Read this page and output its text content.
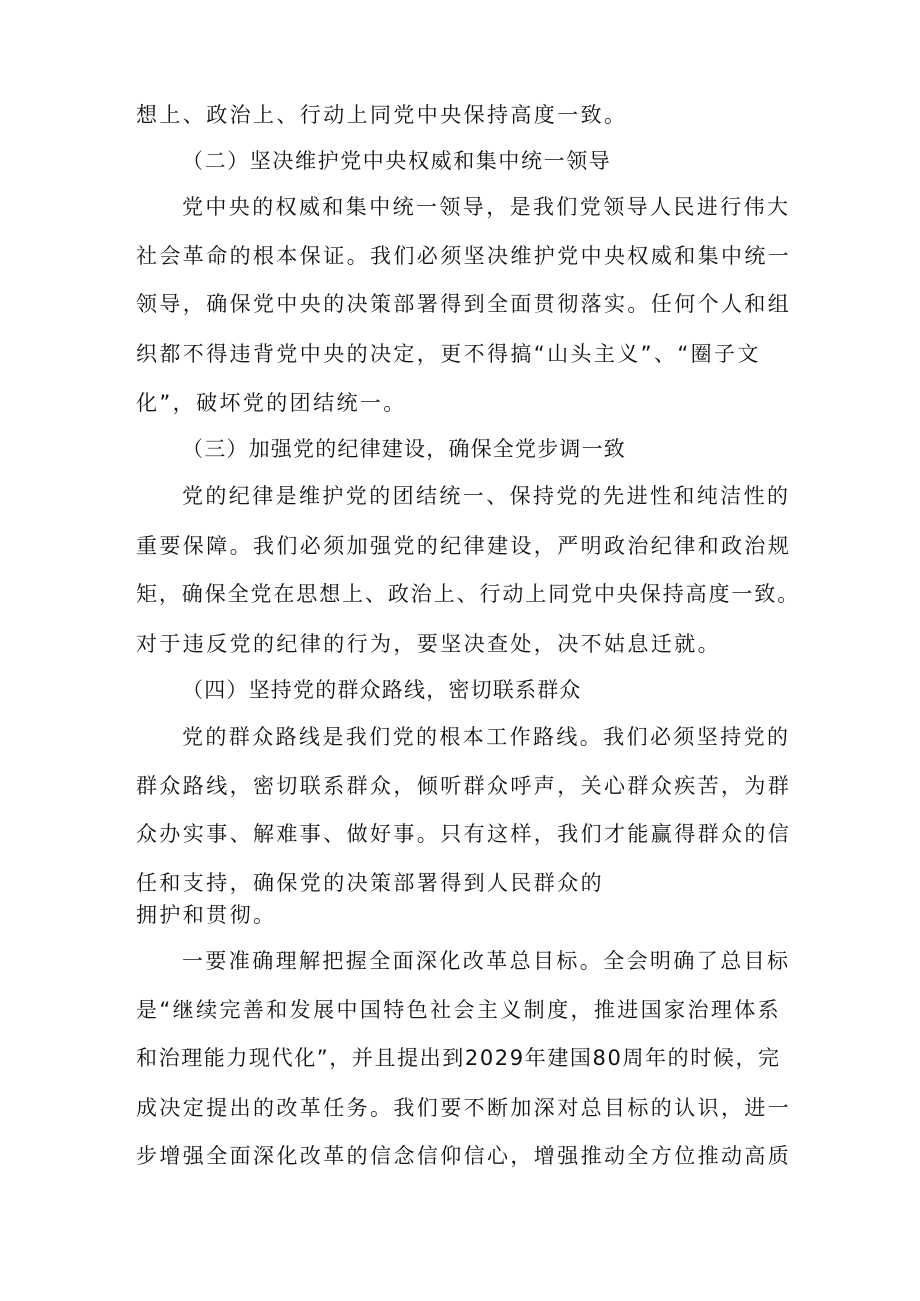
想上、政治上、行动上同党中央保持高度一致。
（二）坚决维护党中央权威和集中统一领导
党中央的权威和集中统一领导，是我们党领导人民进行伟大
社会革命的根本保证。我们必须坚决维护党中央权威和集中统一
领导，确保党中央的决策部署得到全面贯彻落实。任何个人和组
织都不得违背党中央的决定，更不得搞“山头主义”、“圈子文
化”，破坏党的团结统一。
（三）加强党的纪律建设，确保全党步调一致
党的纪律是维护党的团结统一、保持党的先进性和纯洁性的
重要保障。我们必须加强党的纪律建设，严明政治纪律和政治规
矩，确保全党在思想上、政治上、行动上同党中央保持高度一致。
对于违反党的纪律的行为，要坚决查处，决不姑息迁就。
（四）坚持党的群众路线，密切联系群众
党的群众路线是我们党的根本工作路线。我们必须坚持党的
群众路线，密切联系群众，倾听群众呼声，关心群众疾苦，为群
众办实事、解难事、做好事。只有这样，我们才能赢得群众的信
任和支持，确保党的决策部署得到人民群众的
拥护和贯彻。
一要准确理解把握全面深化改革总目标。全会明确了总目标
是“继续完善和发展中国特色社会主义制度，推进国家治理体系
和治理能力现代化”，并且提出到2029年建国80周年的时候，完
成决定提出的改革任务。我们要不断加深对总目标的认识，进一
步增强全面深化改革的信念信仰信心，增强推动全方位推动高质
